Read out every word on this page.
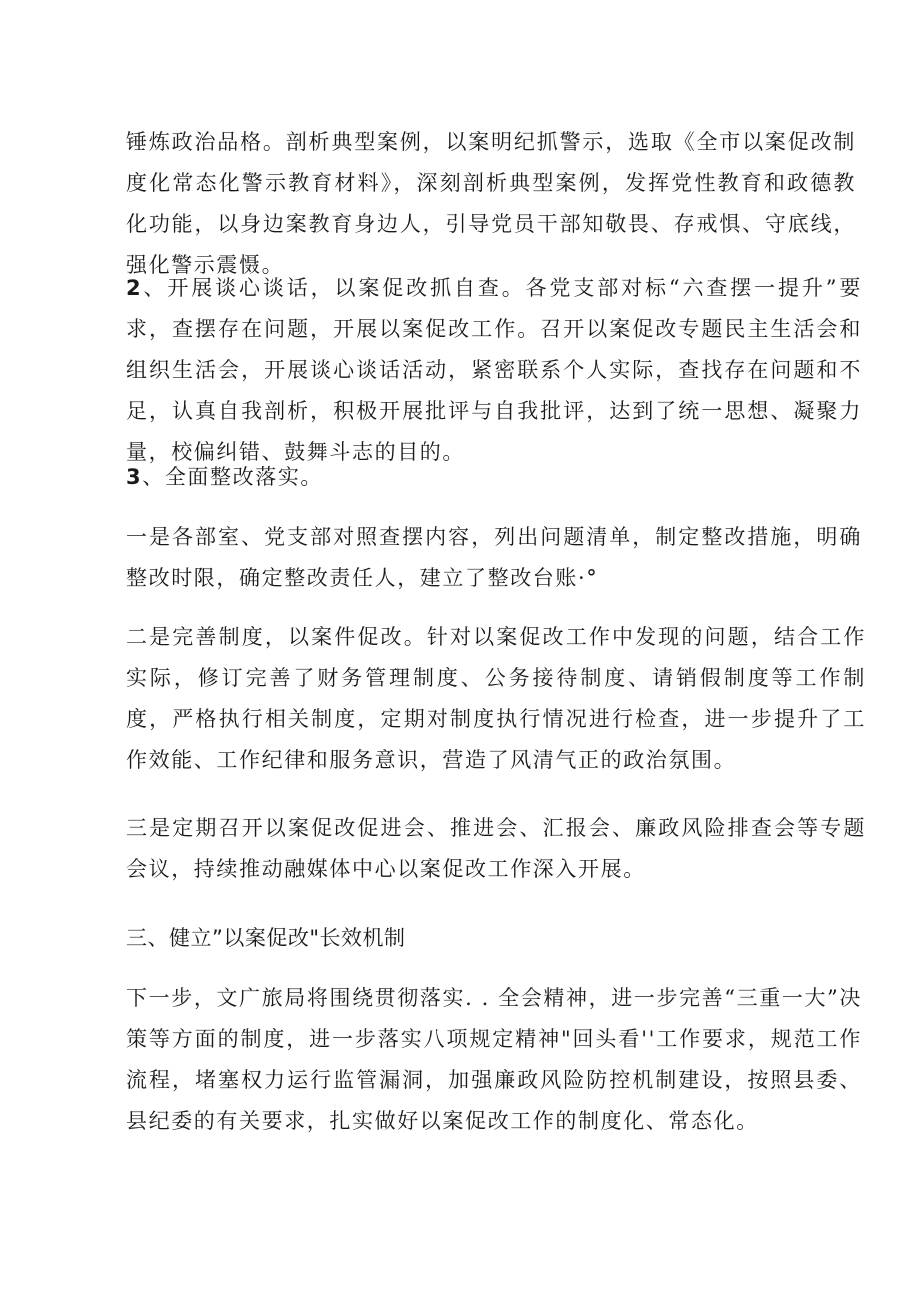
锤炼政治品格。剖析典型案例，以案明纪抓警示，选取《全市以案促改制度化常态化警示教育材料》，深刻剖析典型案例，发挥党性教育和政德教化功能，以身边案教育身边人，引导党员干部知敬畏、存戒惧、守底线，强化警示震慑。

2、开展谈心谈话，以案促改抓自查。各党支部对标“六查摆一提升”要求，查摆存在问题，开展以案促改工作。召开以案促改专题民主生活会和组织生活会，开展谈心谈话活动，紧密联系个人实际，查找存在问题和不足，认真自我剖析，积极开展批评与自我批评，达到了统一思想、凝聚力量，校偏纠错、鼓舞斗志的目的。

3、全面整改落实。

一是各部室、党支部对照查摆内容，列出问题清单，制定整改措施，明确整改时限，确定整改责任人，建立了整改台账·°

二是完善制度，以案件促改。针对以案促改工作中发现的问题，结合工作实际，修订完善了财务管理制度、公务接待制度、请销假制度等工作制度，严格执行相关制度，定期对制度执行情况进行检查，进一步提升了工作效能、工作纪律和服务意识，营造了风清气正的政治氛围。

三是定期召开以案促改促进会、推进会、汇报会、廉政风险排查会等专题会议，持续推动融媒体中心以案促改工作深入开展。

三、健立”以案促改"长效机制

下一步，文广旅局将围绕贯彻落实. . 全会精神，进一步完善“三重一大”决策等方面的制度，进一步落实八项规定精神"回头看''工作要求，规范工作流程，堵塞权力运行监管漏洞，加强廉政风险防控机制建设，按照县委、县纪委的有关要求，扎实做好以案促改工作的制度化、常态化。
